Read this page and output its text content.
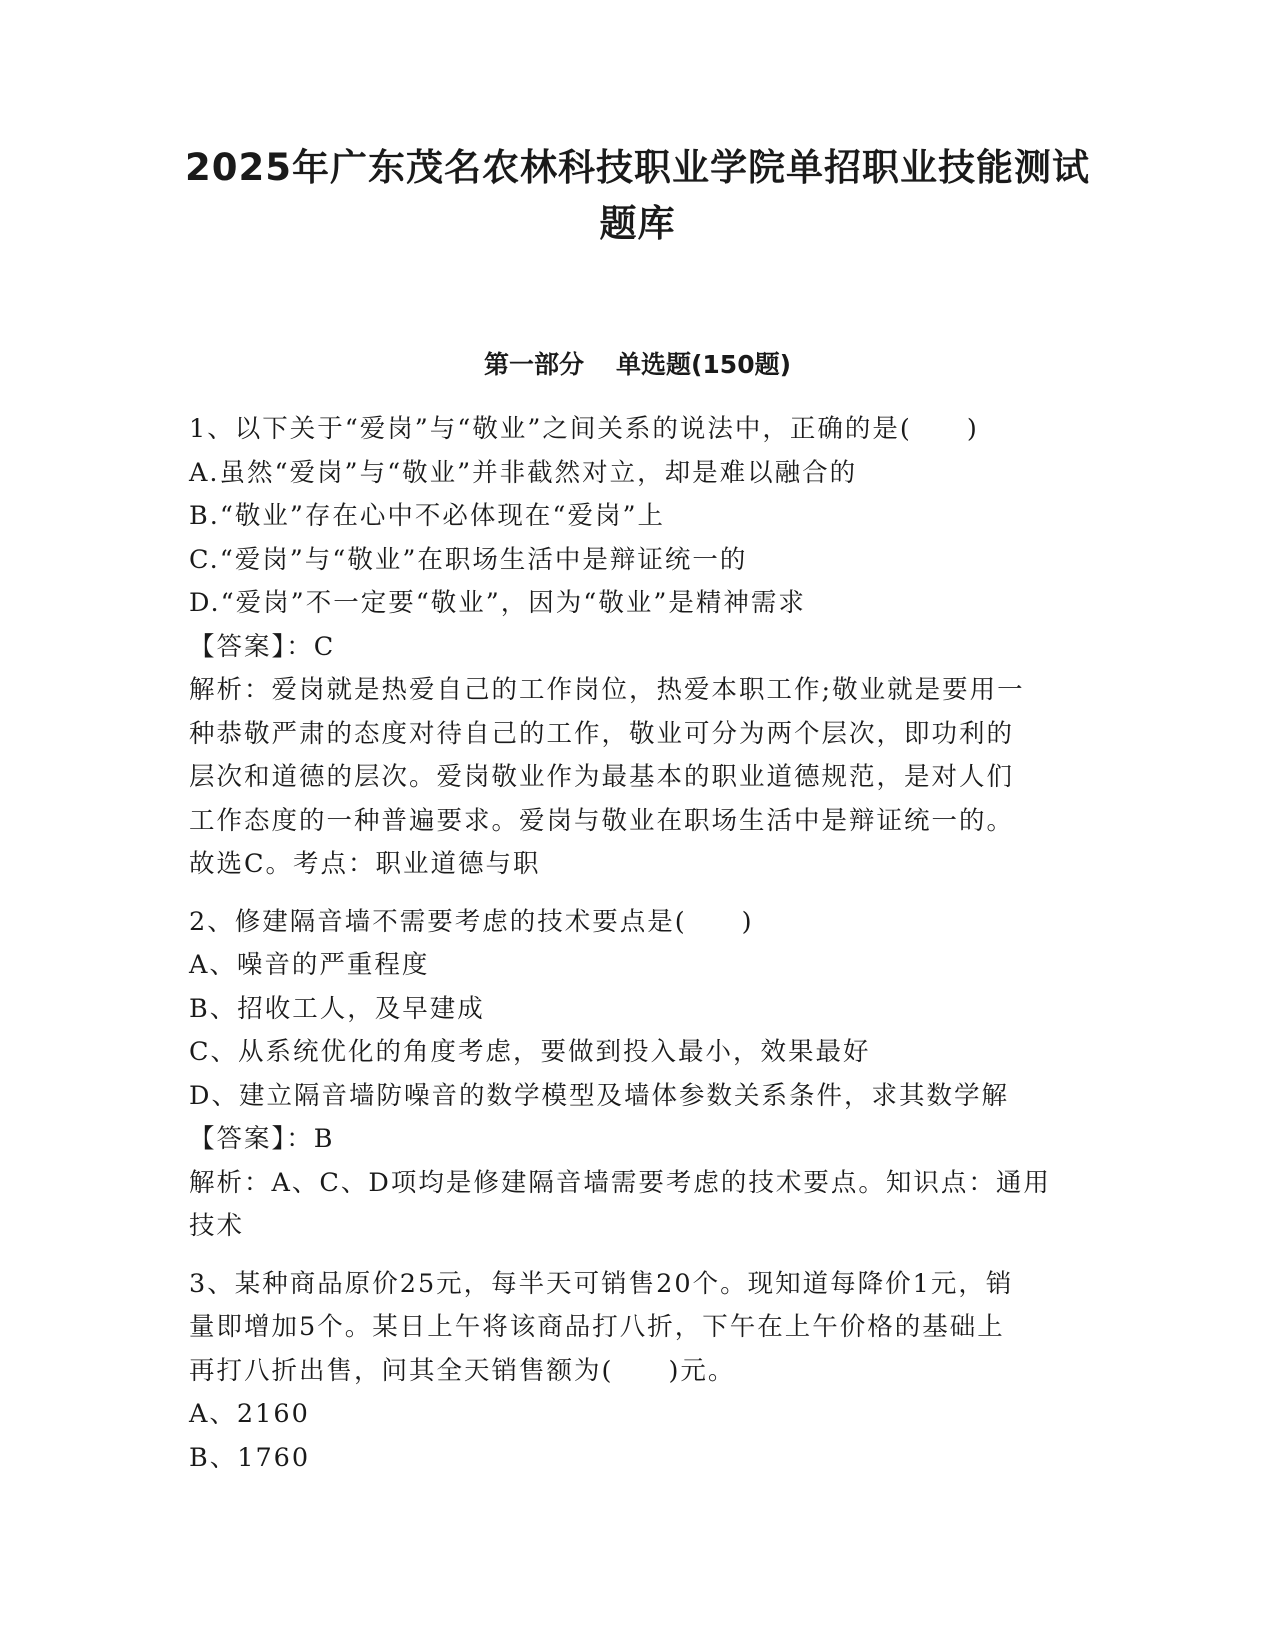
2025年广东茂名农林科技职业学院单招职业技能测试
题库
第一部分 单选题(150题)

1、以下关于“爱岗”与“敬业”之间关系的说法中，正确的是(　　)

A.虽然“爱岗”与“敬业”并非截然对立，却是难以融合的

B.“敬业”存在心中不必体现在“爱岗”上

C.“爱岗”与“敬业”在职场生活中是辩证统一的

D.“爱岗”不一定要“敬业”，因为“敬业”是精神需求

【答案】：C

解析：爱岗就是热爱自己的工作岗位，热爱本职工作;敬业就是要用一

种恭敬严肃的态度对待自己的工作，敬业可分为两个层次，即功利的

层次和道德的层次。爱岗敬业作为最基本的职业道德规范，是对人们

工作态度的一种普遍要求。爱岗与敬业在职场生活中是辩证统一的。

故选C。考点：职业道德与职

2、修建隔音墙不需要考虑的技术要点是(　　)

A、噪音的严重程度

B、招收工人，及早建成

C、从系统优化的角度考虑，要做到投入最小，效果最好

D、建立隔音墙防噪音的数学模型及墙体参数关系条件，求其数学解

【答案】：B

解析：A、C、D项均是修建隔音墙需要考虑的技术要点。知识点：通用

技术

3、某种商品原价25元，每半天可销售20个。现知道每降价1元，销

量即增加5个。某日上午将该商品打八折，下午在上午价格的基础上

再打八折出售，问其全天销售额为(　　)元。

A、2160

B、1760
